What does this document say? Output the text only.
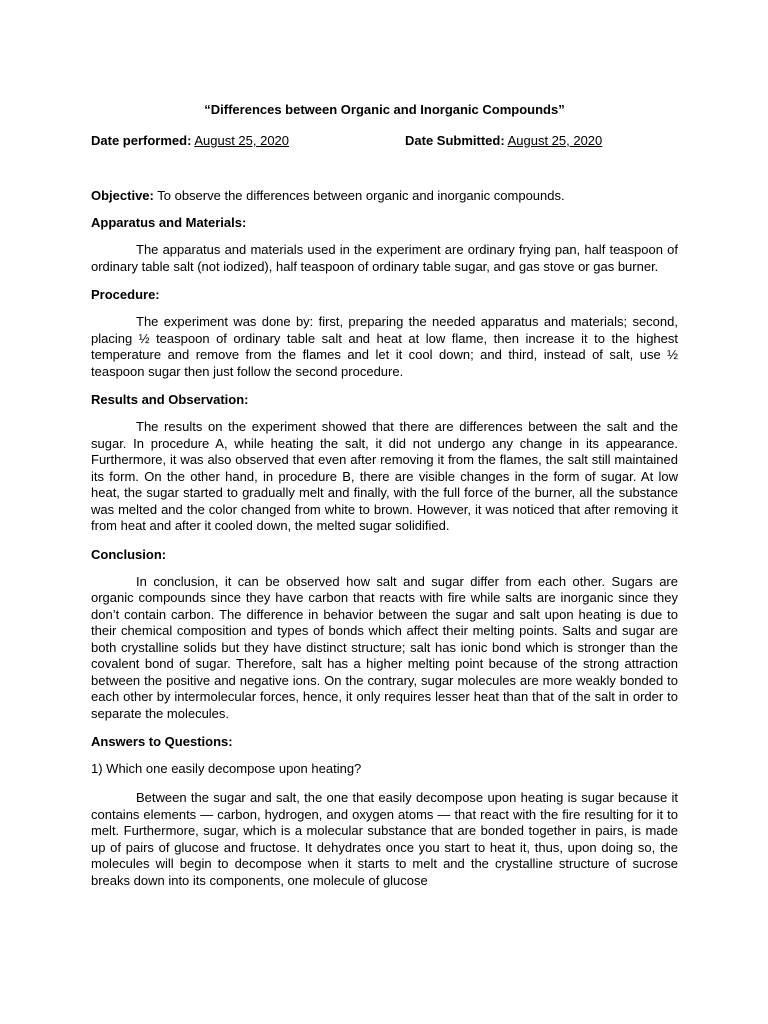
“Differences between Organic and Inorganic Compounds”
Date performed: August 25, 2020	Date Submitted: August 25, 2020
Objective: To observe the differences between organic and inorganic compounds.
Apparatus and Materials:

The apparatus and materials used in the experiment are ordinary frying pan, half teaspoon of ordinary table salt (not iodized), half teaspoon of ordinary table sugar, and gas stove or gas burner.

Procedure:

The experiment was done by: first, preparing the needed apparatus and materials; second, placing ½ teaspoon of ordinary table salt and heat at low flame, then increase it to the highest temperature and remove from the flames and let it cool down; and third, instead of salt, use ½ teaspoon sugar then just follow the second procedure.

Results and Observation:

The results on the experiment showed that there are differences between the salt and the sugar. In procedure A, while heating the salt, it did not undergo any change in its appearance. Furthermore, it was also observed that even after removing it from the flames, the salt still maintained its form. On the other hand, in procedure B, there are visible changes in the form of sugar. At low heat, the sugar started to gradually melt and finally, with the full force of the burner, all the substance was melted and the color changed from white to brown. However, it was noticed that after removing it from heat and after it cooled down, the melted sugar solidified.

Conclusion:

In conclusion, it can be observed how salt and sugar differ from each other. Sugars are organic compounds since they have carbon that reacts with fire while salts are inorganic since they don’t contain carbon. The difference in behavior between the sugar and salt upon heating is due to their chemical composition and types of bonds which affect their melting points. Salts and sugar are both crystalline solids but they have distinct structure; salt has ionic bond which is stronger than the covalent bond of sugar. Therefore, salt has a higher melting point because of the strong attraction between the positive and negative ions. On the contrary, sugar molecules are more weakly bonded to each other by intermolecular forces, hence, it only requires lesser heat than that of the salt in order to separate the molecules.

Answers to Questions:
1) Which one easily decompose upon heating?

Between the sugar and salt, the one that easily decompose upon heating is sugar because it contains elements — carbon, hydrogen, and oxygen atoms — that react with the fire resulting for it to melt. Furthermore, sugar, which is a molecular substance that are bonded together in pairs, is made up of pairs of glucose and fructose. It dehydrates once you start to heat it, thus, upon doing so, the molecules will begin to decompose when it starts to melt and the crystalline structure of sucrose breaks down into its components, one molecule of glucose
